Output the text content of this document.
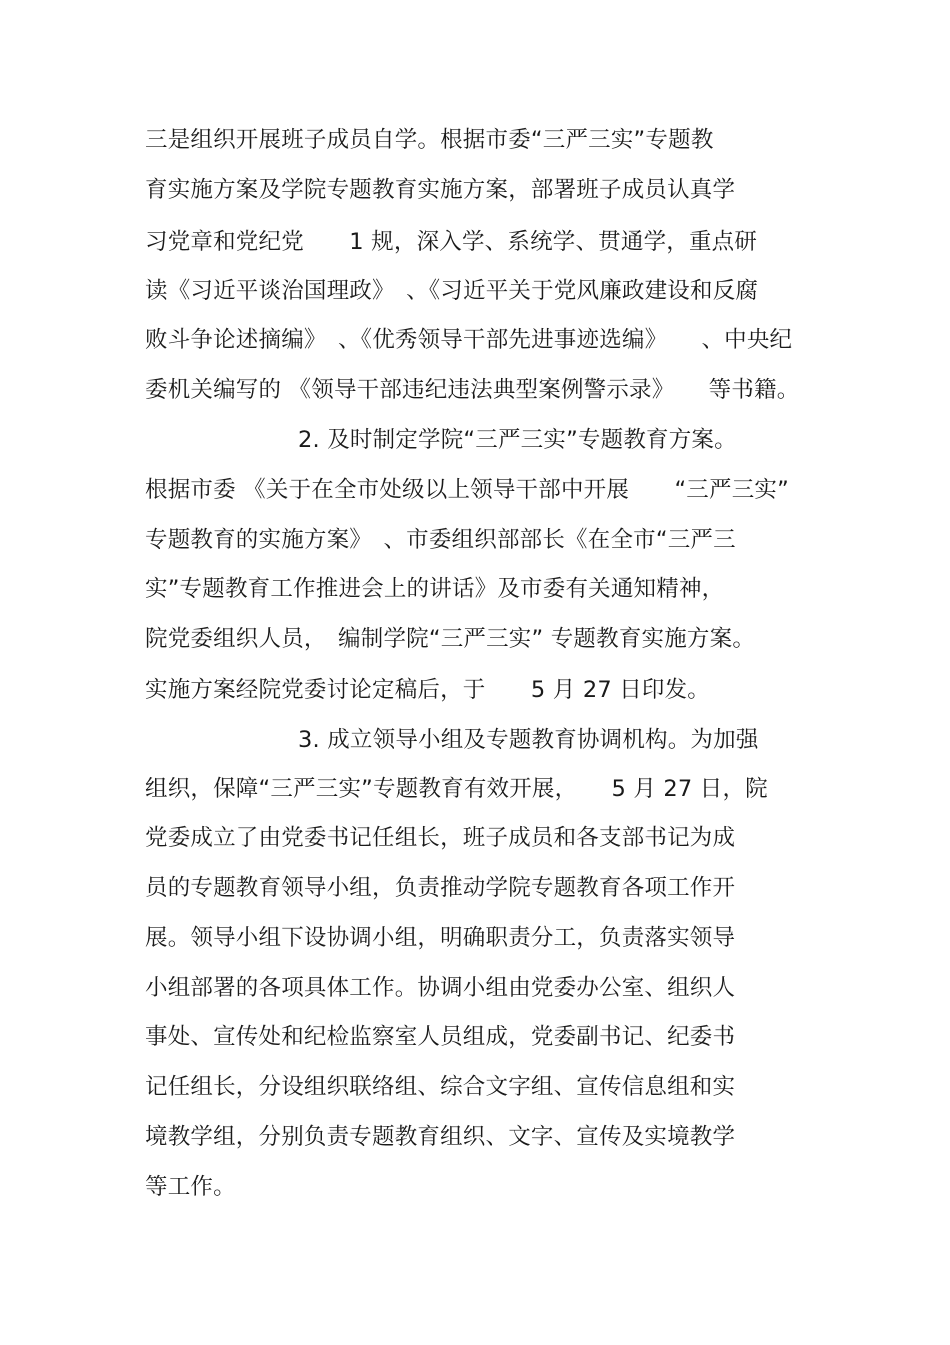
三是组织开展班子成员自学。根据市委“三严三实”专题教
育实施方案及学院专题教育实施方案，部署班子成员认真学
习党章和党纪党　　1 规，深入学、系统学、贯通学，重点研
读《习近平谈治国理政》　、《习近平关于党风廉政建设和反腐
败斗争论述摘编》　、《优秀领导干部先进事迹选编》　　、中央纪
委机关编写的 《领导干部违纪违法典型案例警示录》　　等书籍。
2. 及时制定学院“三严三实”专题教育方案。
根据市委 《关于在全市处级以上领导干部中开展　　“三严三实”
专题教育的实施方案》　、市委组织部部长《在全市“三严三
实”专题教育工作推进会上的讲话》及市委有关通知精神，
院党委组织人员，　编制学院“三严三实” 专题教育实施方案。
实施方案经院党委讨论定稿后，于　　5 月 27 日印发。
3. 成立领导小组及专题教育协调机构。为加强
组织，保障“三严三实”专题教育有效开展，　　5 月 27 日，院
党委成立了由党委书记任组长，班子成员和各支部书记为成
员的专题教育领导小组，负责推动学院专题教育各项工作开
展。领导小组下设协调小组，明确职责分工，负责落实领导
小组部署的各项具体工作。协调小组由党委办公室、组织人
事处、宣传处和纪检监察室人员组成，党委副书记、纪委书
记任组长，分设组织联络组、综合文字组、宣传信息组和实
境教学组，分别负责专题教育组织、文字、宣传及实境教学
等工作。
